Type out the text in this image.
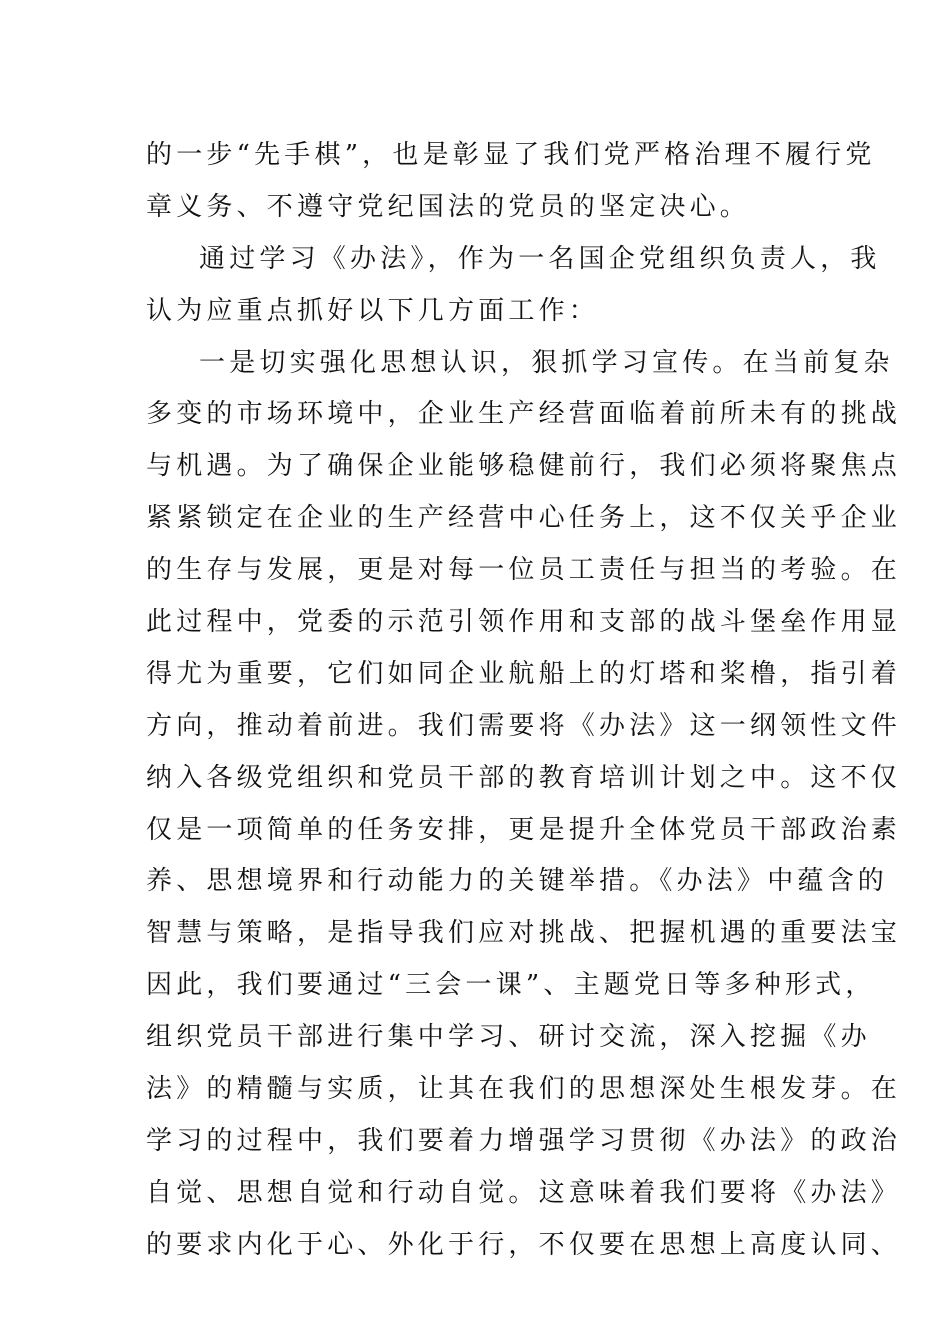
的一步“先手棋”，也是彰显了我们党严格治理不履行党
章义务、不遵守党纪国法的党员的坚定决心。
通过学习《办法》，作为一名国企党组织负责人，我
认为应重点抓好以下几方面工作：
一是切实强化思想认识，狠抓学习宣传。在当前复杂
多变的市场环境中，企业生产经营面临着前所未有的挑战
与机遇。为了确保企业能够稳健前行，我们必须将聚焦点
紧紧锁定在企业的生产经营中心任务上，这不仅关乎企业
的生存与发展，更是对每一位员工责任与担当的考验。在
此过程中，党委的示范引领作用和支部的战斗堡垒作用显
得尤为重要，它们如同企业航船上的灯塔和桨橹，指引着
方向，推动着前进。我们需要将《办法》这一纲领性文件
纳入各级党组织和党员干部的教育培训计划之中。这不仅
仅是一项简单的任务安排，更是提升全体党员干部政治素
养、思想境界和行动能力的关键举措。《办法》中蕴含的
智慧与策略，是指导我们应对挑战、把握机遇的重要法宝
因此，我们要通过“三会一课”、主题党日等多种形式，
组织党员干部进行集中学习、研讨交流，深入挖掘《办
法》的精髓与实质，让其在我们的思想深处生根发芽。在
学习的过程中，我们要着力增强学习贯彻《办法》的政治
自觉、思想自觉和行动自觉。这意味着我们要将《办法》
的要求内化于心、外化于行，不仅要在思想上高度认同、
